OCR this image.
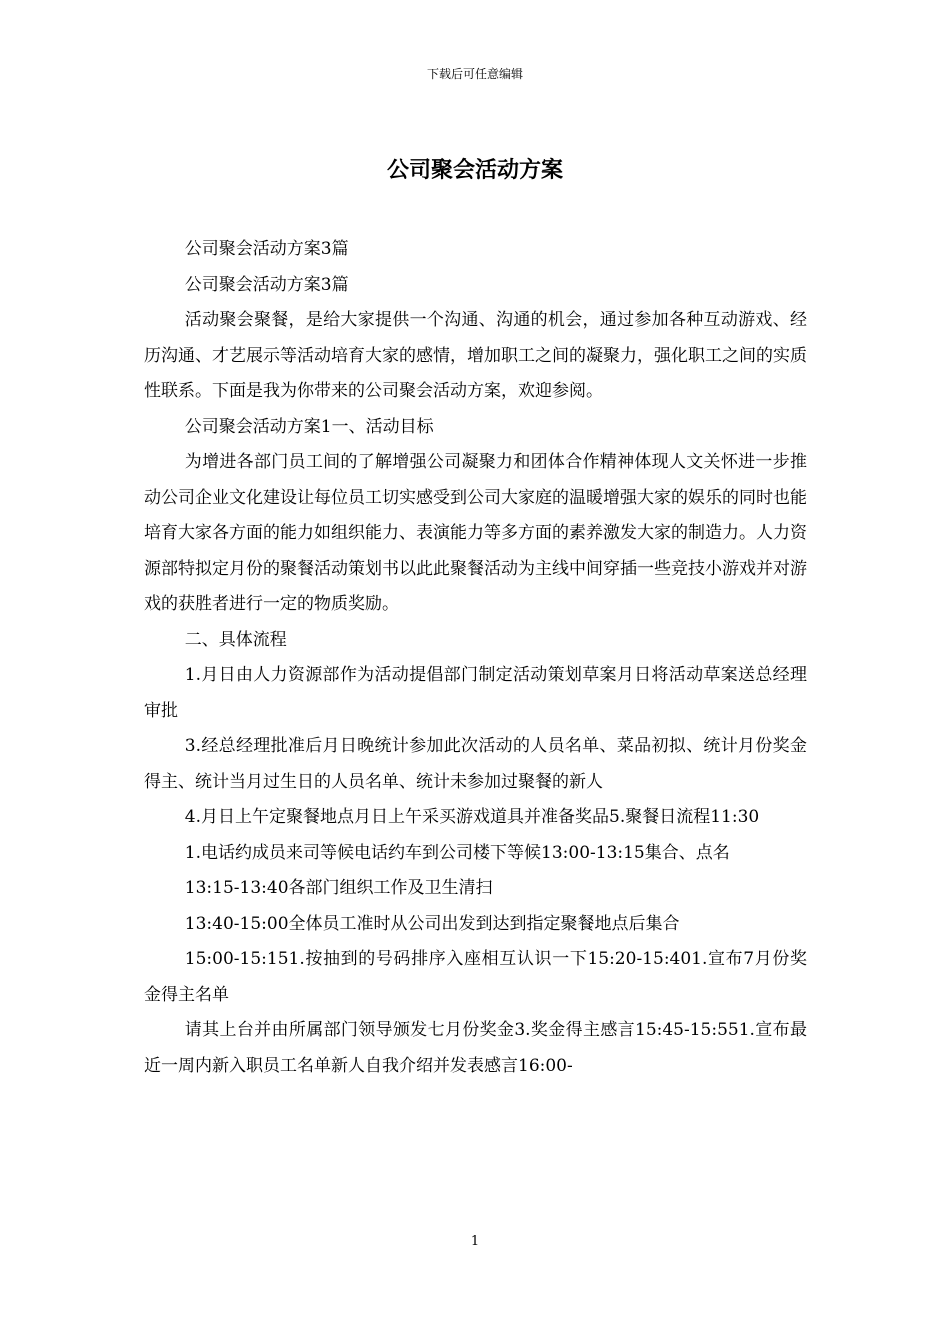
下载后可任意编辑
公司聚会活动方案

公司聚会活动方案3篇

公司聚会活动方案3篇

活动聚会聚餐，是给大家提供一个沟通、沟通的机会，通过参加各种互动游戏、经历沟通、才艺展示等活动培育大家的感情，增加职工之间的凝聚力，强化职工之间的实质性联系。下面是我为你带来的公司聚会活动方案，欢迎参阅。

公司聚会活动方案1一、活动目标

为增进各部门员工间的了解增强公司凝聚力和团体合作精神体现人文关怀进一步推动公司企业文化建设让每位员工切实感受到公司大家庭的温暖增强大家的娱乐的同时也能培育大家各方面的能力如组织能力、表演能力等多方面的素养激发大家的制造力。人力资源部特拟定月份的聚餐活动策划书以此此聚餐活动为主线中间穿插一些竞技小游戏并对游戏的获胜者进行一定的物质奖励。

二、具体流程

1.月日由人力资源部作为活动提倡部门制定活动策划草案月日将活动草案送总经理审批

3.经总经理批准后月日晚统计参加此次活动的人员名单、菜品初拟、统计月份奖金得主、统计当月过生日的人员名单、统计未参加过聚餐的新人

4.月日上午定聚餐地点月日上午采买游戏道具并准备奖品5.聚餐日流程11:30

1.电话约成员来司等候电话约车到公司楼下等候13:00-13:15集合、点名

13:15-13:40各部门组织工作及卫生清扫

13:40-15:00全体员工准时从公司出发到达到指定聚餐地点后集合

15:00-15:151.按抽到的号码排序入座相互认识一下15:20-15:401.宣布7月份奖金得主名单

请其上台并由所属部门领导颁发七月份奖金3.奖金得主感言15:45-15:551.宣布最近一周内新入职员工名单新人自我介绍并发表感言16:00-

1
